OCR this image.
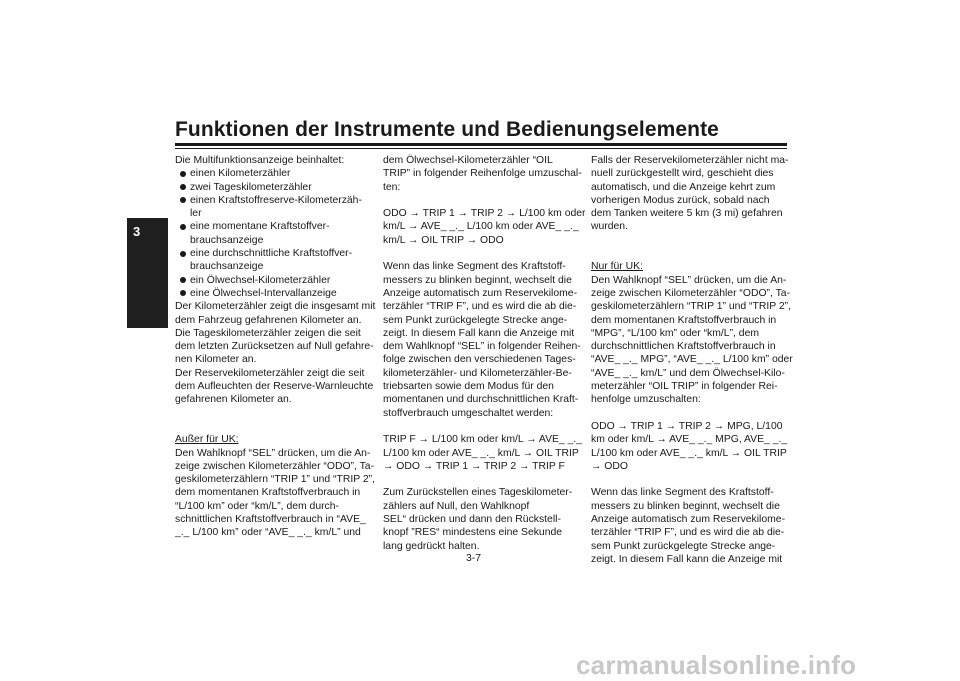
Funktionen der Instrumente und Bedienungselemente
3
Die Multifunktionsanzeige beinhaltet:
einen Kilometerzähler
zwei Tageskilometerzähler
einen Kraftstoffreserve-Kilometerzäh-
ler
eine momentane Kraftstoffver-
brauchsanzeige
eine durchschnittliche Kraftstoffver-
brauchsanzeige
ein Ölwechsel-Kilometerzähler
eine Ölwechsel-Intervallanzeige
Der Kilometerzähler zeigt die insgesamt mit
dem Fahrzeug gefahrenen Kilometer an.
Die Tageskilometerzähler zeigen die seit
dem letzten Zurücksetzen auf Null gefahre-
nen Kilometer an.
Der Reservekilometerzähler zeigt die seit
dem Aufleuchten der Reserve-Warnleuchte
gefahrenen Kilometer an.
Außer für UK:
Den Wahlknopf “SEL” drücken, um die An-
zeige zwischen Kilometerzähler “ODO”, Ta-
geskilometerzählern “TRIP 1” und “TRIP 2”,
dem momentanen Kraftstoffverbrauch in
“L/100 km” oder “km/L”, dem durch-
schnittlichen Kraftstoffverbrauch in “AVE_
_._ L/100 km” oder “AVE_ _._ km/L” und
dem Ölwechsel-Kilometerzähler “OIL
TRIP” in folgender Reihenfolge umzuschal-
ten:
ODO → TRIP 1 → TRIP 2 → L/100 km oder
km/L → AVE_ _._ L/100 km oder AVE_ _._
km/L → OIL TRIP → ODO
Wenn das linke Segment des Kraftstoff-
messers zu blinken beginnt, wechselt die
Anzeige automatisch zum Reservekilome-
terzähler “TRIP F”, und es wird die ab die-
sem Punkt zurückgelegte Strecke ange-
zeigt. In diesem Fall kann die Anzeige mit
dem Wahlknopf “SEL” in folgender Reihen-
folge zwischen den verschiedenen Tages-
kilometerzähler- und Kilometerzähler-Be-
triebsarten sowie dem Modus für den
momentanen und durchschnittlichen Kraft-
stoffverbrauch umgeschaltet werden:
TRIP F → L/100 km oder km/L → AVE_ _._
L/100 km oder AVE_ _._ km/L → OIL TRIP
→ ODO → TRIP 1 → TRIP 2 → TRIP F
Zum Zurückstellen eines Tageskilometer-
zählers auf Null, den Wahlknopf
SEL“ drücken und dann den Rückstell-
knopf ”RES“ mindestens eine Sekunde
lang gedrückt halten.
Falls der Reservekilometerzähler nicht ma-
nuell zurückgestellt wird, geschieht dies
automatisch, und die Anzeige kehrt zum
vorherigen Modus zurück, sobald nach
dem Tanken weitere 5 km (3 mi) gefahren
wurden.
Nur für UK:
Den Wahlknopf “SEL” drücken, um die An-
zeige zwischen Kilometerzähler “ODO”, Ta-
geskilometerzählern “TRIP 1” und “TRIP 2”,
dem momentanen Kraftstoffverbrauch in
“MPG”, “L/100 km” oder “km/L”, dem
durchschnittlichen Kraftstoffverbrauch in
“AVE_ _._ MPG”, “AVE_ _._ L/100 km” oder
“AVE_ _._ km/L” und dem Ölwechsel-Kilo-
meterzähler “OIL TRIP” in folgender Rei-
henfolge umzuschalten:
ODO → TRIP 1 → TRIP 2 → MPG, L/100
km oder km/L → AVE_ _._ MPG, AVE_ _._
L/100 km oder AVE_ _._ km/L → OIL TRIP
→ ODO
Wenn das linke Segment des Kraftstoff-
messers zu blinken beginnt, wechselt die
Anzeige automatisch zum Reservekilome-
terzähler “TRIP F”, und es wird die ab die-
sem Punkt zurückgelegte Strecke ange-
zeigt. In diesem Fall kann die Anzeige mit
3-7
carmanualsonline.info
